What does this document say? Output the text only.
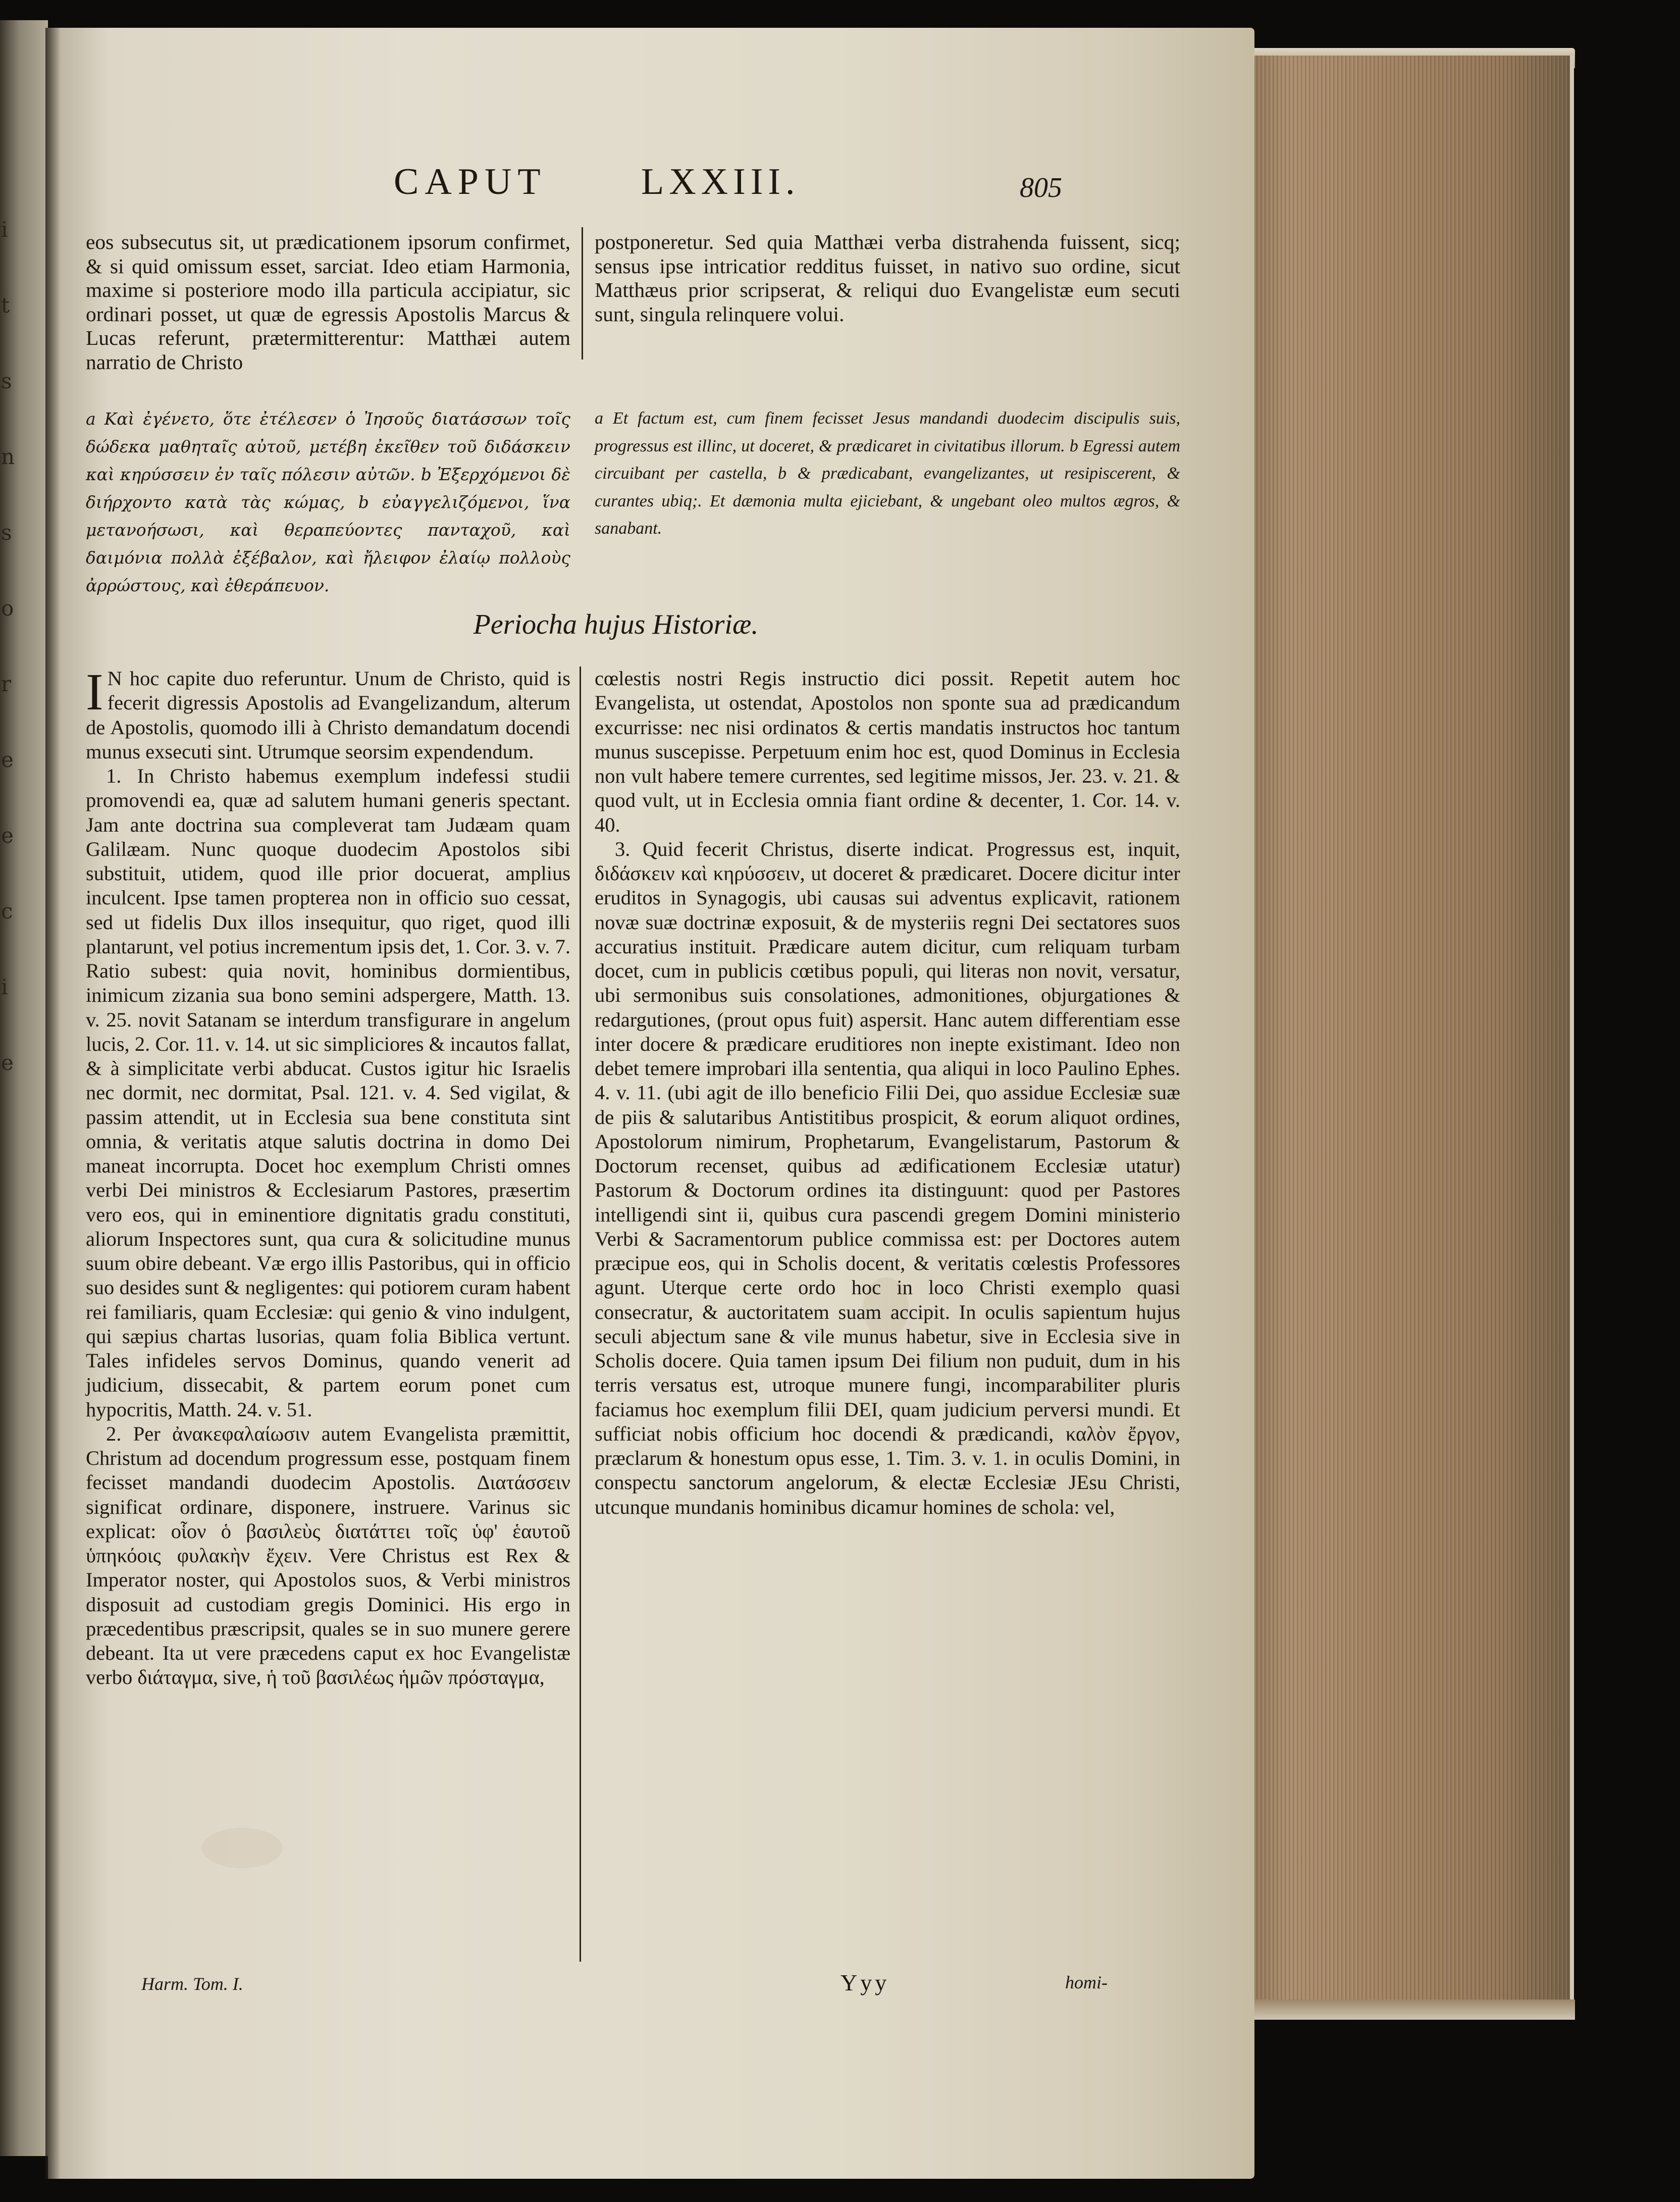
i
t
s
n
s
o
r
e
e
c
i
e
CAPUT	LXXIII.	805

eos subsecutus sit, ut prædicationem ipsorum confirmet, & si quid omissum esset, sarciat. Ideo etiam Harmonia, maxime si posteriore modo illa particula accipiatur, sic ordinari posset, ut quæ de egressis Apostolis Marcus & Lucas referunt, prætermitterentur: Matthæi autem narratio de Christo

postponeretur. Sed quia Matthæi verba distrahenda fuissent, sicq; sensus ipse intricatior redditus fuisset, in nativo suo ordine, sicut Matthæus prior scripserat, & reliqui duo Evangelistæ eum secuti sunt, singula relinquere volui.

a Καὶ ἐγένετο, ὅτε ἐτέλεσεν ὁ Ἰησοῦς διατάσσων τοῖς δώδεκα μαθηταῖς αὐτοῦ, μετέβη ἐκεῖθεν τοῦ διδάσκειν καὶ κηρύσσειν ἐν ταῖς πόλεσιν αὐτῶν. b Ἐξερχόμενοι δὲ διήρχοντο κατὰ τὰς κώμας, b εὐαγγελιζόμενοι, ἵνα μετανοήσωσι, καὶ θεραπεύοντες πανταχοῦ, καὶ δαιμόνια πολλὰ ἐξέβαλον, καὶ ἤλειφον ἐλαίῳ πολλοὺς ἀρρώστους, καὶ ἐθεράπευον.

a Et factum est, cum finem fecisset Jesus mandandi duodecim discipulis suis, progressus est illinc, ut doceret, & prædicaret in civitatibus illorum. b Egressi autem circuibant per castella, b & prædicabant, evangelizantes, ut resipiscerent, & curantes ubiq;. Et dæmonia multa ejiciebant, & ungebant oleo multos ægros, & sanabant.

Periocha hujus Historiæ.

I N hoc capite duo referuntur. Unum de Christo, quid is fecerit digressis Apostolis ad Evangelizandum, alterum de Apostolis, quomodo illi à Christo demandatum docendi munus exsecuti sint. Utrumque seorsim expendendum.

1. In Christo habemus exemplum indefessi studii promovendi ea, quæ ad salutem humani generis spectant. Jam ante doctrina sua compleverat tam Judæam quam Galilæam. Nunc quoque duodecim Apostolos sibi substituit, utidem, quod ille prior docuerat, amplius inculcent. Ipse tamen propterea non in officio suo cessat, sed ut fidelis Dux illos insequitur, quo riget, quod illi plantarunt, vel potius incrementum ipsis det, 1. Cor. 3. v. 7. Ratio subest: quia novit, hominibus dormientibus, inimicum zizania sua bono semini adspergere, Matth. 13. v. 25. novit Satanam se interdum transfigurare in angelum lucis, 2. Cor. 11. v. 14. ut sic simpliciores & incautos fallat, & à simplicitate verbi abducat. Custos igitur hic Israelis nec dormit, nec dormitat, Psal. 121. v. 4. Sed vigilat, & passim attendit, ut in Ecclesia sua bene constituta sint omnia, & veritatis atque salutis doctrina in domo Dei maneat incorrupta. Docet hoc exemplum Christi omnes verbi Dei ministros & Ecclesiarum Pastores, præsertim vero eos, qui in eminentiore dignitatis gradu constituti, aliorum Inspectores sunt, qua cura & solicitudine munus suum obire debeant. Væ ergo illis Pastoribus, qui in officio suo desides sunt & negligentes: qui potiorem curam habent rei familiaris, quam Ecclesiæ: qui genio & vino indulgent, qui sæpius chartas lusorias, quam folia Biblica vertunt. Tales infideles servos Dominus, quando venerit ad judicium, dissecabit, & partem eorum ponet cum hypocritis, Matth. 24. v. 51.

2. Per ἀνακεφαλαίωσιν autem Evangelista præmittit, Christum ad docendum progressum esse, postquam finem fecisset mandandi duodecim Apostolis. Διατάσσειν significat ordinare, disponere, instruere. Varinus sic explicat: οἷον ὁ βασιλεὺς διατάττει τοῖς ὑφ' ἑαυτοῦ ὑπηκόοις φυλακὴν ἔχειν. Vere Christus est Rex & Imperator noster, qui Apostolos suos, & Verbi ministros disposuit ad custodiam gregis Dominici. His ergo in præcedentibus præscripsit, quales se in suo munere gerere debeant. Ita ut vere præcedens caput ex hoc Evangelistæ verbo διάταγμα, sive, ἡ τοῦ βασιλέως ἡμῶν πρόσταγμα,

cœlestis nostri Regis instructio dici possit. Repetit autem hoc Evangelista, ut ostendat, Apostolos non sponte sua ad prædicandum excurrisse: nec nisi ordinatos & certis mandatis instructos hoc tantum munus suscepisse. Perpetuum enim hoc est, quod Dominus in Ecclesia non vult habere temere currentes, sed legitime missos, Jer. 23. v. 21. & quod vult, ut in Ecclesia omnia fiant ordine & decenter, 1. Cor. 14. v. 40.

3. Quid fecerit Christus, diserte indicat. Progressus est, inquit, διδάσκειν καὶ κηρύσσειν, ut doceret & prædicaret. Docere dicitur inter eruditos in Synagogis, ubi causas sui adventus explicavit, rationem novæ suæ doctrinæ exposuit, & de mysteriis regni Dei sectatores suos accuratius instituit. Prædicare autem dicitur, cum reliquam turbam docet, cum in publicis cœtibus populi, qui literas non novit, versatur, ubi sermonibus suis consolationes, admonitiones, objurgationes & redargutiones, (prout opus fuit) aspersit. Hanc autem differentiam esse inter docere & prædicare eruditiores non inepte existimant. Ideo non debet temere improbari illa sententia, qua aliqui in loco Paulino Ephes. 4. v. 11. (ubi agit de illo beneficio Filii Dei, quo assidue Ecclesiæ suæ de piis & salutaribus Antistitibus prospicit, & eorum aliquot ordines, Apostolorum nimirum, Prophetarum, Evangelistarum, Pastorum & Doctorum recenset, quibus ad ædificationem Ecclesiæ utatur) Pastorum & Doctorum ordines ita distinguunt: quod per Pastores intelligendi sint ii, quibus cura pascendi gregem Domini ministerio Verbi & Sacramentorum publice commissa est: per Doctores autem præcipue eos, qui in Scholis docent, & veritatis cœlestis Professores agunt. Uterque certe ordo hoc in loco Christi exemplo quasi consecratur, & auctoritatem suam accipit. In oculis sapientum hujus seculi abjectum sane & vile munus habetur, sive in Ecclesia sive in Scholis docere. Quia tamen ipsum Dei filium non puduit, dum in his terris versatus est, utroque munere fungi, incomparabiliter pluris faciamus hoc exemplum filii DEI, quam judicium perversi mundi. Et sufficiat nobis officium hoc docendi & prædicandi, καλὸν ἔργον, præclarum & honestum opus esse, 1. Tim. 3. v. 1. in oculis Domini, in conspectu sanctorum angelorum, & electæ Ecclesiæ JEsu Christi, utcunque mundanis hominibus dicamur homines de schola: vel,

Harm. Tom. I.	Yyy	homi-
